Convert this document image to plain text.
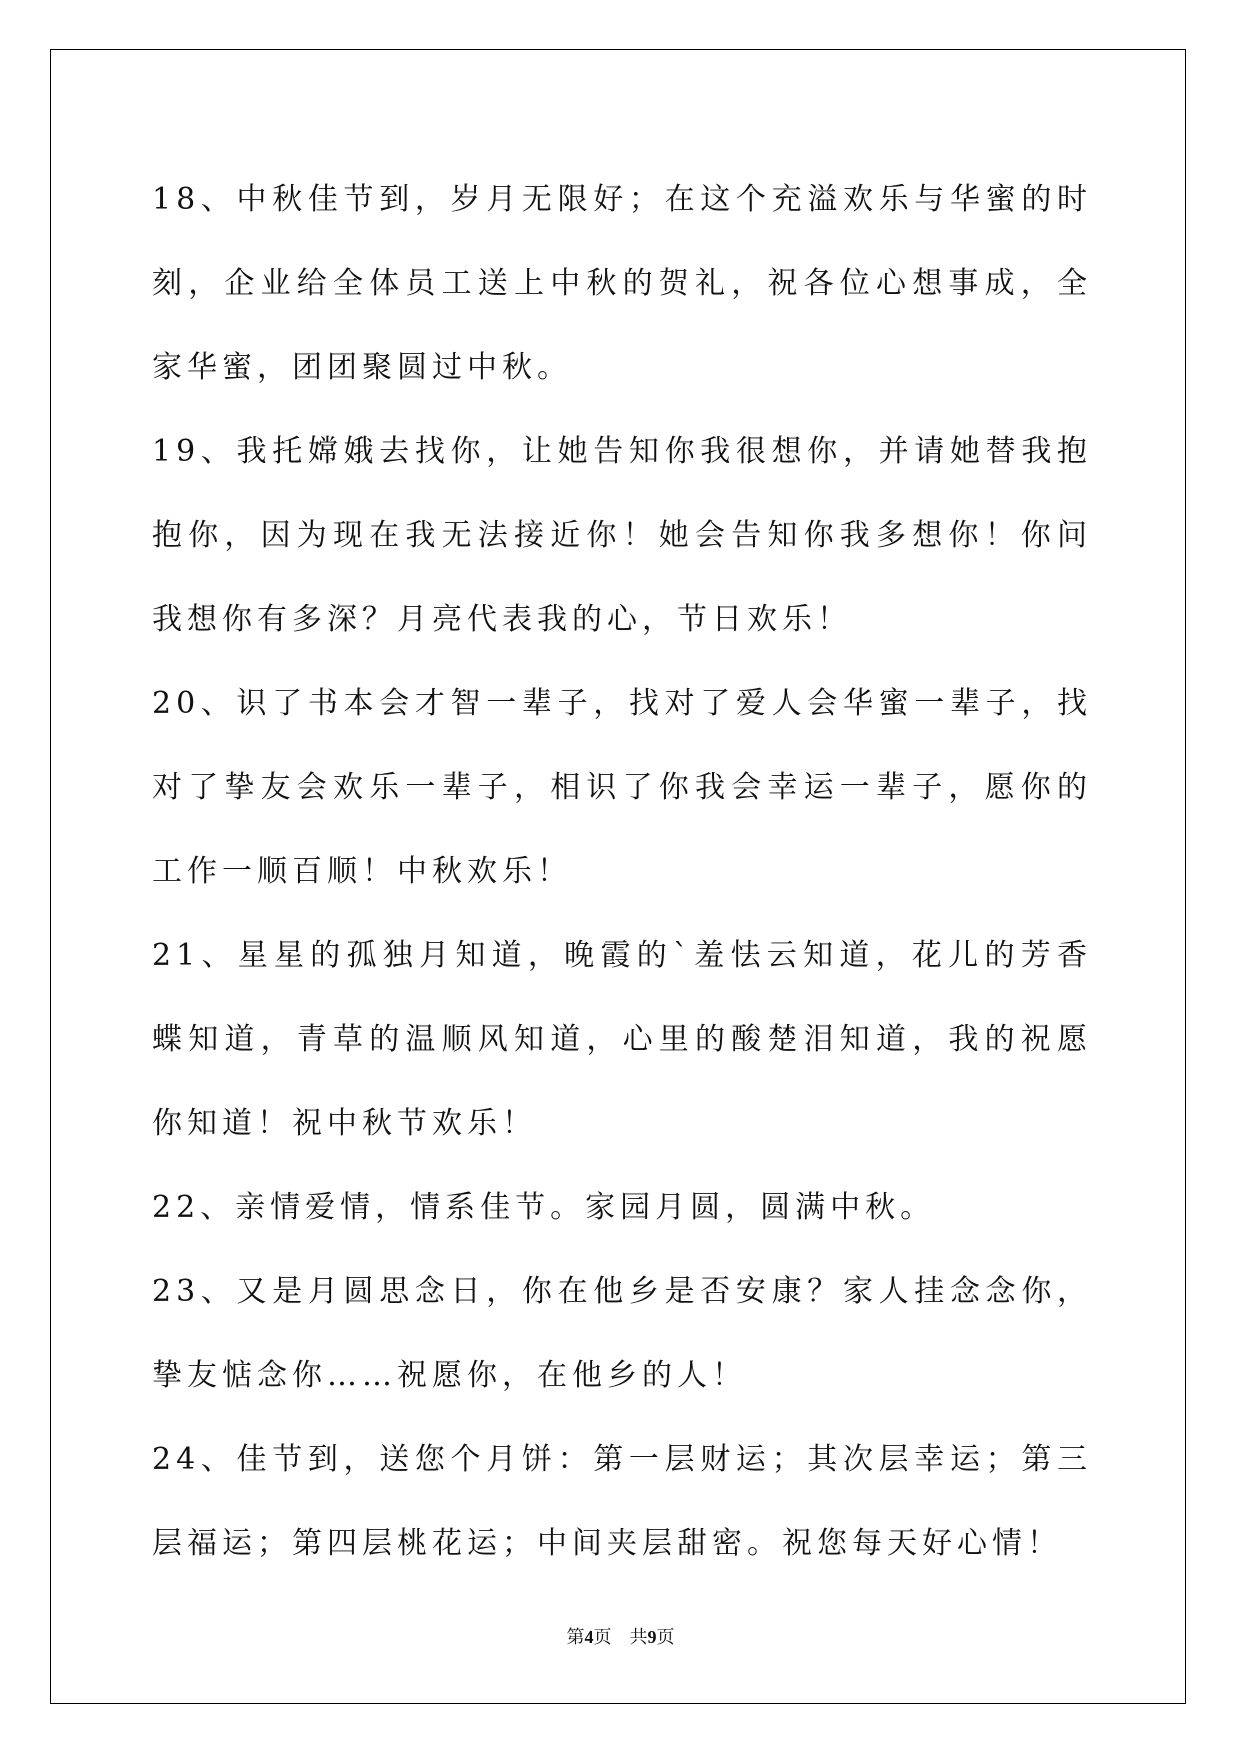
18、中秋佳节到，岁月无限好；在这个充溢欢乐与华蜜的时刻，企业给全体员工送上中秋的贺礼，祝各位心想事成，全家华蜜，团团聚圆过中秋。

19、我托嫦娥去找你，让她告知你我很想你，并请她替我抱抱你，因为现在我无法接近你！她会告知你我多想你！你问我想你有多深？月亮代表我的心，节日欢乐！

20、识了书本会才智一辈子，找对了爱人会华蜜一辈子，找对了挚友会欢乐一辈子，相识了你我会幸运一辈子，愿你的工作一顺百顺！中秋欢乐！

21、星星的孤独月知道，晚霞的`羞怯云知道，花儿的芳香蝶知道，青草的温顺风知道，心里的酸楚泪知道，我的祝愿你知道！祝中秋节欢乐！

22、亲情爱情，情系佳节。家园月圆，圆满中秋。

23、又是月圆思念日，你在他乡是否安康？家人挂念念你，挚友惦念你……祝愿你，在他乡的人！

24、佳节到，送您个月饼：第一层财运；其次层幸运；第三层福运；第四层桃花运；中间夹层甜密。祝您每天好心情！

第4页 共9页
